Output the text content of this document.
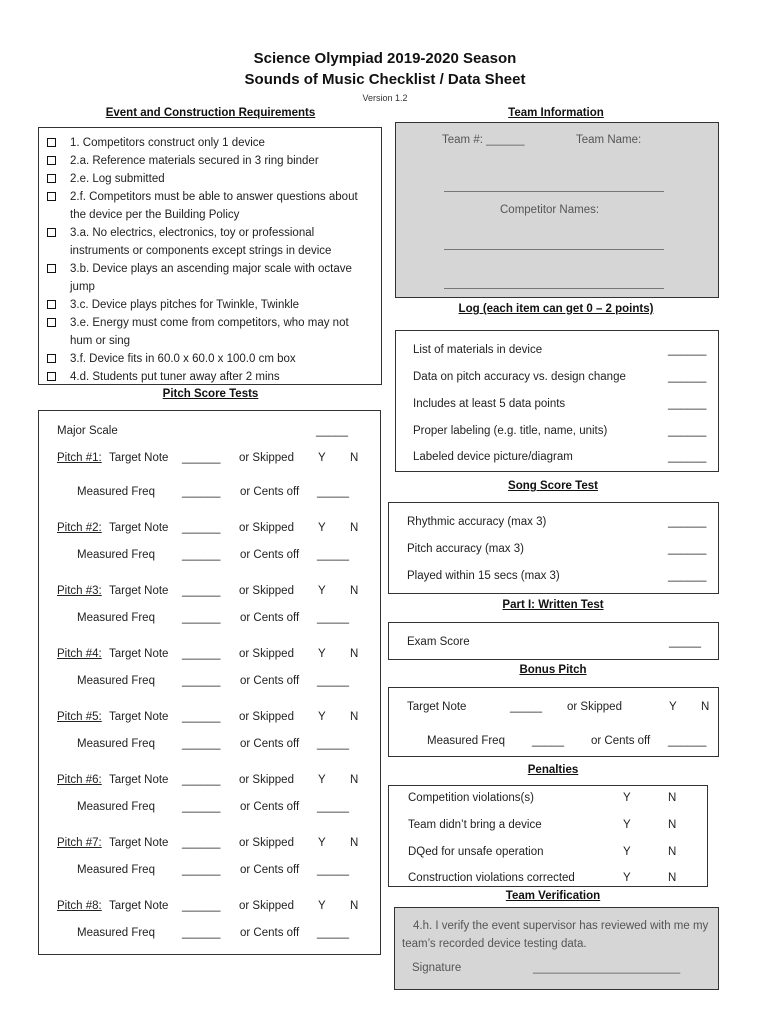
Science Olympiad 2019-2020 Season
Sounds of Music Checklist / Data Sheet
Version 1.2
Event and Construction Requirements
1. Competitors construct only 1 device
2.a. Reference materials secured in 3 ring binder
2.e. Log submitted
2.f. Competitors must be able to answer questions about the device per the Building Policy
3.a. No electrics, electronics, toy or professional instruments or components except strings in device
3.b. Device plays an ascending major scale with octave jump
3.c. Device plays pitches for Twinkle, Twinkle
3.e. Energy must come from competitors, who may not hum or sing
3.f. Device fits in 60.0 x 60.0 x 100.0 cm box
4.d. Students put tuner away after 2 mins
Pitch Score Tests
Major Scale	_____
Pitch #1: Target Note ______ or Skipped Y N
Measured Freq ______ or Cents off _____
Pitch #2: Target Note ______ or Skipped Y N
Measured Freq ______ or Cents off _____
Pitch #3: Target Note ______ or Skipped Y N
Measured Freq ______ or Cents off _____
Pitch #4: Target Note ______ or Skipped Y N
Measured Freq ______ or Cents off _____
Pitch #5: Target Note ______ or Skipped Y N
Measured Freq ______ or Cents off _____
Pitch #6: Target Note ______ or Skipped Y N
Measured Freq ______ or Cents off _____
Pitch #7: Target Note ______ or Skipped Y N
Measured Freq ______ or Cents off _____
Pitch #8: Target Note ______ or Skipped Y N
Measured Freq ______ or Cents off _____
Team Information
Team #: ______	Team Name:
Competitor Names:
Log (each item can get 0 – 2 points)
List of materials in device	______
Data on pitch accuracy vs. design change	______
Includes at least 5 data points	______
Proper labeling (e.g. title, name, units)	______
Labeled device picture/diagram	______
Song Score Test
Rhythmic accuracy (max 3)	______
Pitch accuracy (max 3)	______
Played within 15 secs (max 3)	______
Part I: Written Test
Exam Score	_____
Bonus Pitch
Target Note	_____ or Skipped	Y N
Measured Freq _____ or Cents off ______
Penalties
Competition violations(s)	Y	N
Team didn’t bring a device	Y	N
DQed for unsafe operation	Y	N
Construction violations corrected	Y	N
Team Verification
4.h. I verify the event supervisor has reviewed with me my team’s recorded device testing data.
Signature	_______________________
